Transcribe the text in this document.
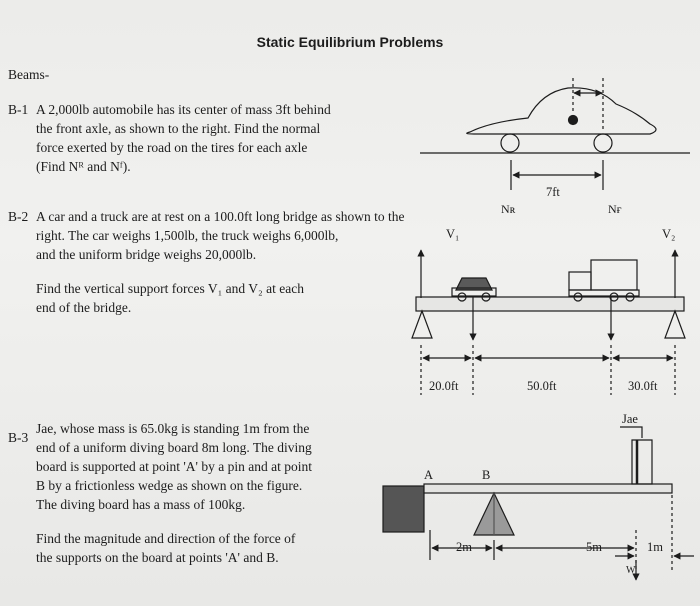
Static Equilibrium Problems
Beams-
B-1 A 2,000lb automobile has its center of mass 3ft behind
the front axle, as shown to the right. Find the normal
force exerted by the road on the tires for each axle
(Find Nᴿ and Nᶠ).
B-2 A car and a truck are at rest on a 100.0ft long bridge as shown to the
right. The car weighs 1,500lb, the truck weighs 6,000lb,
and the uniform bridge weighs 20,000lb.
Find the vertical support forces V₁ and V₂ at each
end of the bridge.
B-3
Jae, whose mass is 65.0kg is standing 1m from the
end of a uniform diving board 8m long. The diving
board is supported at point 'A' by a pin and at point
B by a frictionless wedge as shown on the figure.
The diving board has a mass of 100kg.
Find the magnitude and direction of the force of
the supports on the board at points 'A' and B.
7ft
Nʀ	Nғ
V₁	V₂
20.0ft	50.0ft	30.0ft
Jae
A	B
2m	5m	1m
W
